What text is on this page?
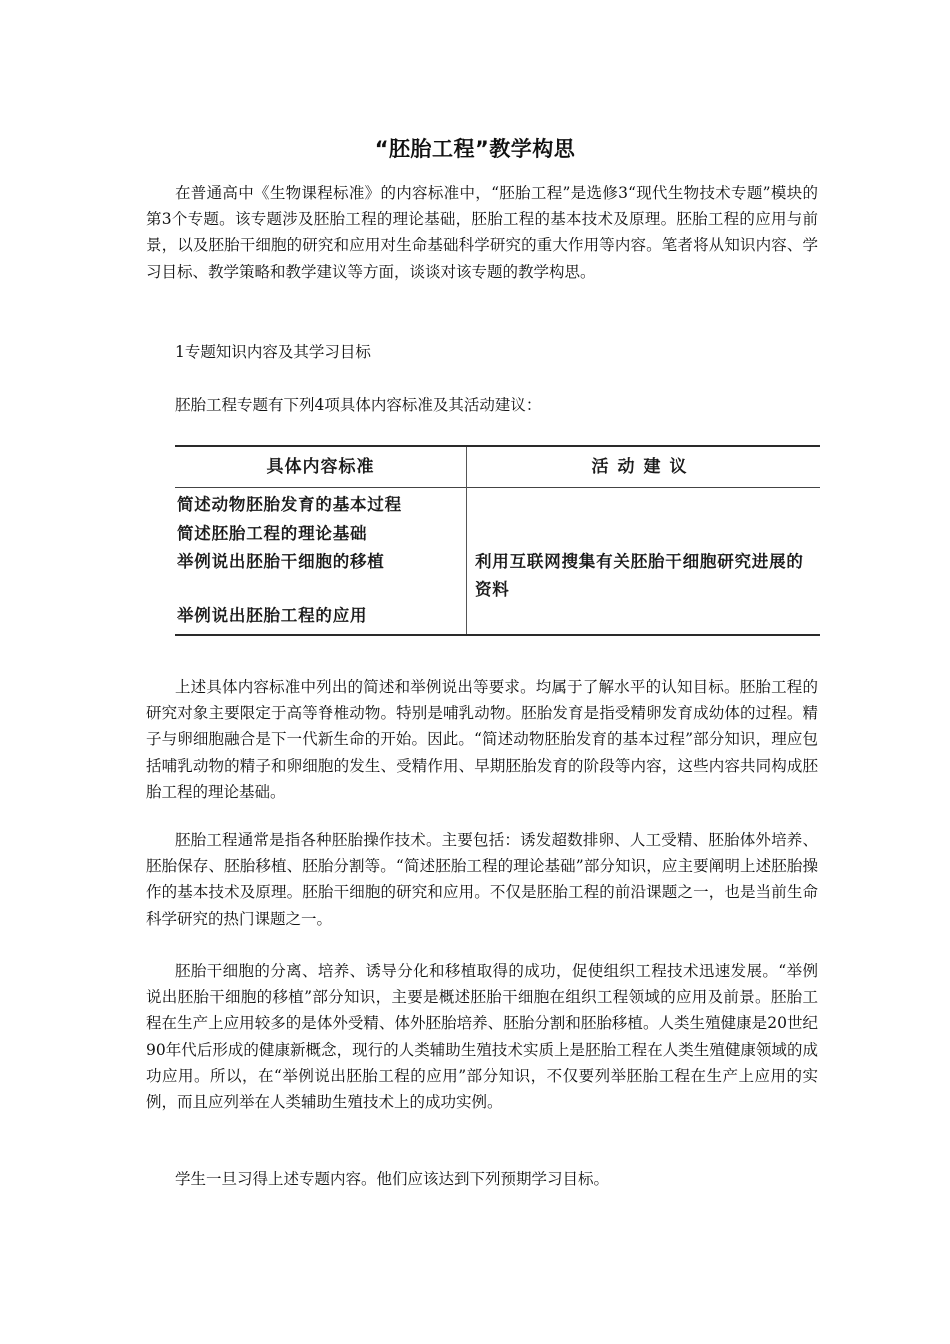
“胚胎工程”教学构思

在普通高中《生物课程标准》的内容标准中，“胚胎工程”是选修3“现代生物技术专题”模块的第3个专题。该专题涉及胚胎工程的理论基础，胚胎工程的基本技术及原理。胚胎工程的应用与前景，以及胚胎干细胞的研究和应用对生命基础科学研究的重大作用等内容。笔者将从知识内容、学习目标、教学策略和教学建议等方面，谈谈对该专题的教学构思。

1专题知识内容及其学习目标
胚胎工程专题有下列4项具体内容标准及其活动建议：
具体内容标准	活动建议
简述动物胚胎发育的基本过程
简述胚胎工程的理论基础
举例说出胚胎干细胞的移植
举例说出胚胎工程的应用
利用互联网搜集有关胚胎干细胞研究进展的资料

上述具体内容标准中列出的简述和举例说出等要求。均属于了解水平的认知目标。胚胎工程的研究对象主要限定于高等脊椎动物。特别是哺乳动物。胚胎发育是指受精卵发育成幼体的过程。精子与卵细胞融合是下一代新生命的开始。因此。“简述动物胚胎发育的基本过程”部分知识，理应包括哺乳动物的精子和卵细胞的发生、受精作用、早期胚胎发育的阶段等内容，这些内容共同构成胚胎工程的理论基础。

胚胎工程通常是指各种胚胎操作技术。主要包括：诱发超数排卵、人工受精、胚胎体外培养、胚胎保存、胚胎移植、胚胎分割等。“简述胚胎工程的理论基础”部分知识，应主要阐明上述胚胎操作的基本技术及原理。胚胎干细胞的研究和应用。不仅是胚胎工程的前沿课题之一，也是当前生命科学研究的热门课题之一。

胚胎干细胞的分离、培养、诱导分化和移植取得的成功，促使组织工程技术迅速发展。“举例说出胚胎干细胞的移植”部分知识，主要是概述胚胎干细胞在组织工程领域的应用及前景。胚胎工程在生产上应用较多的是体外受精、体外胚胎培养、胚胎分割和胚胎移植。人类生殖健康是20世纪90年代后形成的健康新概念，现行的人类辅助生殖技术实质上是胚胎工程在人类生殖健康领域的成功应用。所以，在“举例说出胚胎工程的应用”部分知识，不仅要列举胚胎工程在生产上应用的实例，而且应列举在人类辅助生殖技术上的成功实例。

学生一旦习得上述专题内容。他们应该达到下列预期学习目标。
